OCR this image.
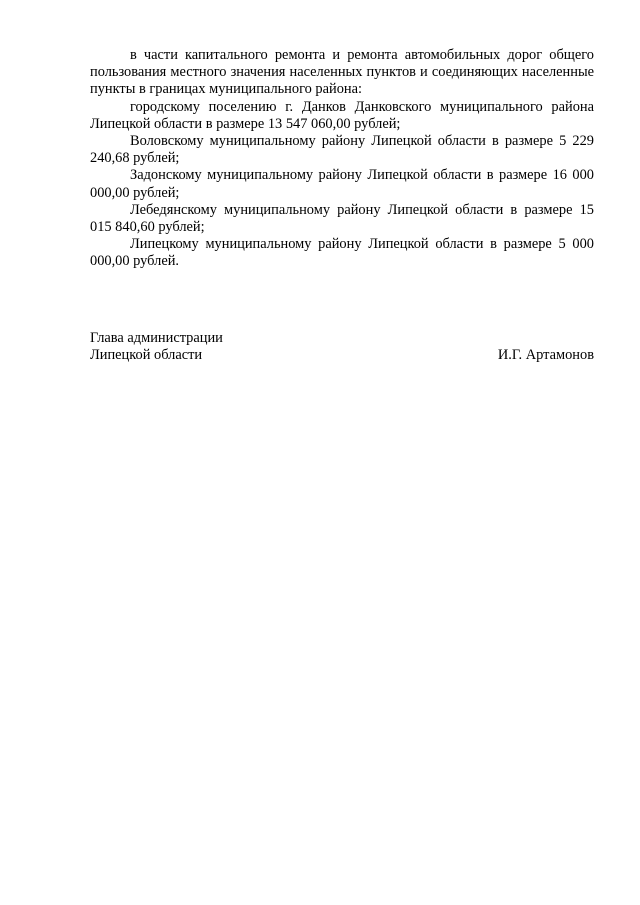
в части капитального ремонта и ремонта автомобильных дорог общего пользования местного значения населенных пунктов и соединяющих населенные пункты в границах муниципального района:

городскому поселению г. Данков Данковского муниципального района Липецкой области в размере 13 547 060,00 рублей;

Воловскому муниципальному району Липецкой области в размере 5 229 240,68 рублей;

Задонскому муниципальному району Липецкой области в размере 16 000 000,00 рублей;

Лебедянскому муниципальному району Липецкой области в размере 15 015 840,60 рублей;

Липецкому муниципальному району Липецкой области в размере 5 000 000,00 рублей.

Глава администрации
Липецкой области	И.Г. Артамонов
